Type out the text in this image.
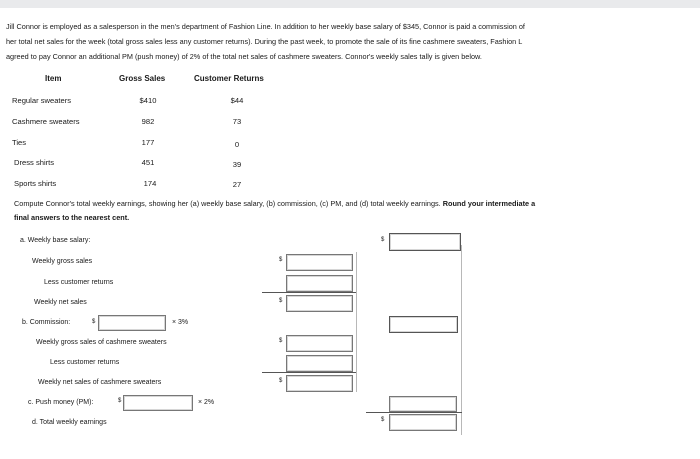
Jill Connor is employed as a salesperson in the men's department of Fashion Line. In addition to her weekly base salary of $345, Connor is paid a commission of
her total net sales for the week (total gross sales less any customer returns). During the past week, to promote the sale of its fine cashmere sweaters, Fashion L
agreed to pay Connor an additional PM (push money) of 2% of the total net sales of cashmere sweaters. Connor's weekly sales tally is given below.
Item	Gross Sales	Customer Returns
Regular sweaters	$410	$44
Cashmere sweaters	982	73
Ties	177	0
Dress shirts	451	39
Sports shirts	174	27
Compute Connor's total weekly earnings, showing her (a) weekly base salary, (b) commission, (c) PM, and (d) total weekly earnings. Round your intermediate a
final answers to the nearest cent.
a. Weekly base salary:	$
Weekly gross sales	$
Less customer returns
Weekly net sales	$
b. Commission:	$	× 3%
Weekly gross sales of cashmere sweaters	$
Less customer returns
Weekly net sales of cashmere sweaters	$
c. Push money (PM):	$	× 2%
d. Total weekly earnings	$
